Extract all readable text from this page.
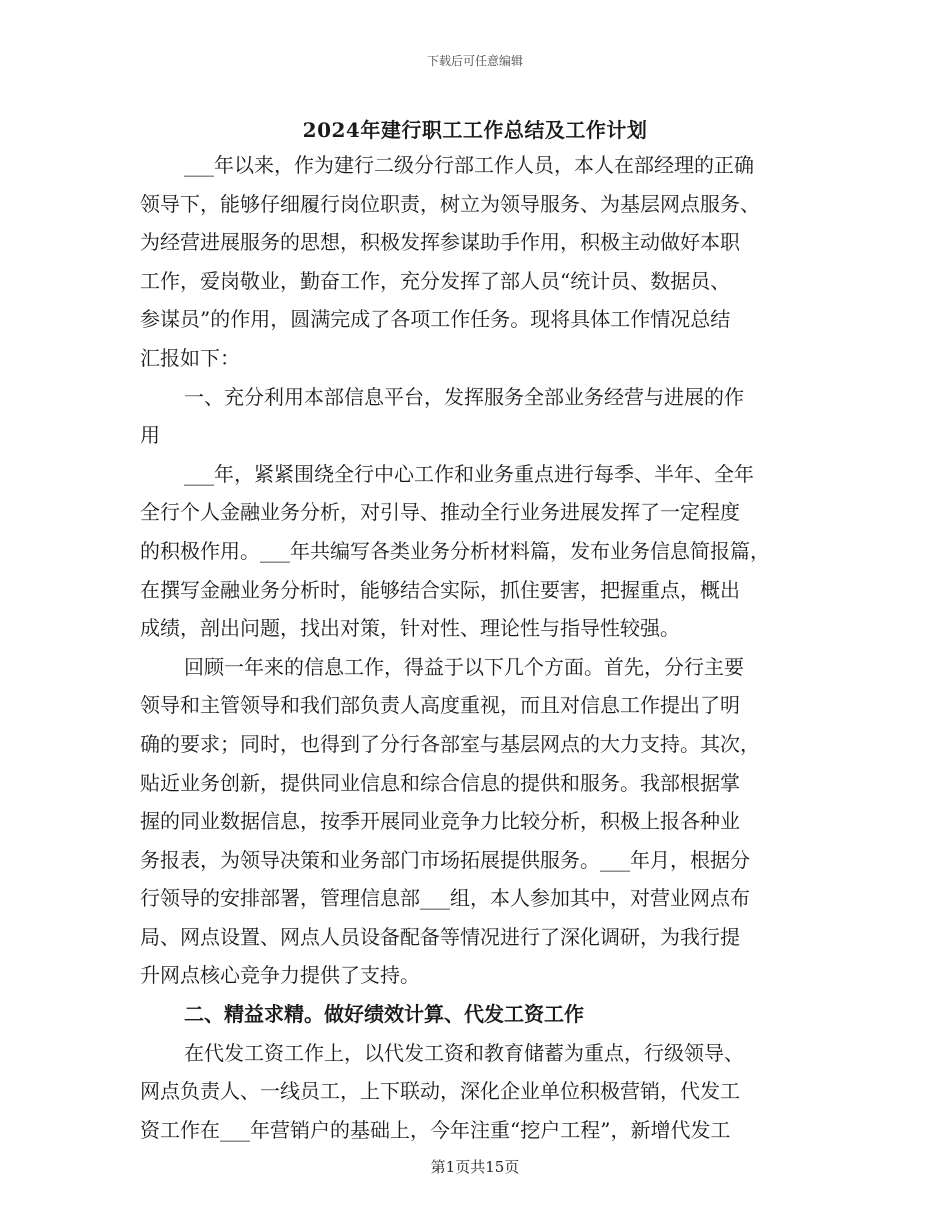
下载后可任意编辑
2024年建行职工工作总结及工作计划
___年以来，作为建行二级分行部工作人员，本人在部经理的正确
领导下，能够仔细履行岗位职责，树立为领导服务、为基层网点服务、
为经营进展服务的思想，积极发挥参谋助手作用，积极主动做好本职
工作，爱岗敬业，勤奋工作，充分发挥了部人员“统计员、数据员、
参谋员”的作用，圆满完成了各项工作任务。现将具体工作情况总结
汇报如下：
一、充分利用本部信息平台，发挥服务全部业务经营与进展的作
用
___年，紧紧围绕全行中心工作和业务重点进行每季、半年、全年
全行个人金融业务分析，对引导、推动全行业务进展发挥了一定程度
的积极作用。___年共编写各类业务分析材料篇，发布业务信息简报篇，
在撰写金融业务分析时，能够结合实际，抓住要害，把握重点，概出
成绩，剖出问题，找出对策，针对性、理论性与指导性较强。
回顾一年来的信息工作，得益于以下几个方面。首先，分行主要
领导和主管领导和我们部负责人高度重视，而且对信息工作提出了明
确的要求；同时，也得到了分行各部室与基层网点的大力支持。其次，
贴近业务创新，提供同业信息和综合信息的提供和服务。我部根据掌
握的同业数据信息，按季开展同业竞争力比较分析，积极上报各种业
务报表，为领导决策和业务部门市场拓展提供服务。___年月，根据分
行领导的安排部署，管理信息部___组，本人参加其中，对营业网点布
局、网点设置、网点人员设备配备等情况进行了深化调研，为我行提
升网点核心竞争力提供了支持。
二、精益求精。做好绩效计算、代发工资工作
在代发工资工作上，以代发工资和教育储蓄为重点，行级领导、
网点负责人、一线员工，上下联动，深化企业单位积极营销，代发工
资工作在___年营销户的基础上，今年注重“挖户工程”，新增代发工
第1页共15页
